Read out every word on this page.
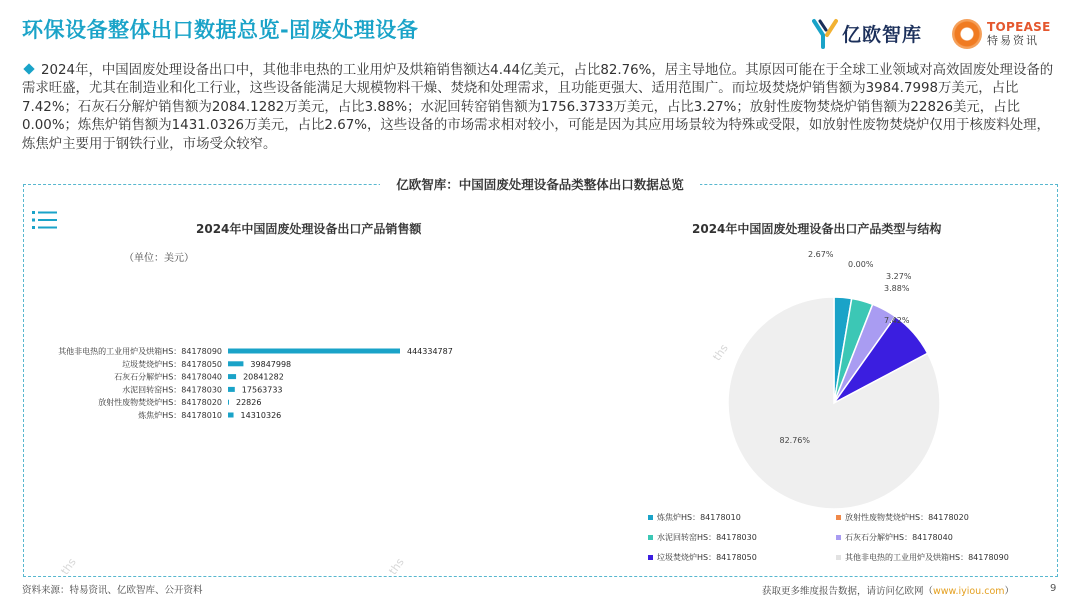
环保设备整体出口数据总览-固废处理设备	亿欧智库	TOPEASE
特易资讯
2024年，中国固废处理设备出口中，其他非电热的工业用炉及烘箱销售额达4.44亿美元，占比82.76%，居主导地位。其原因可能在于全球工业领域对高效固废处理设备的需求旺盛，尤其在制造业和化工行业，这些设备能满足大规模物料干燥、焚烧和处理需求，且功能更强大、适用范围广。而垃圾焚烧炉销售额为3984.7998万美元，占比7.42%；石灰石分解炉销售额为2084.1282万美元，占比3.88%；水泥回转窑销售额为1756.3733万美元，占比3.27%；放射性废物焚烧炉销售额为22826美元，占比0.00%；炼焦炉销售额为1431.0326万美元，占比2.67%，这些设备的市场需求相对较小，可能是因为其应用场景较为特殊或受限，如放射性废物焚烧炉仅用于核废料处理，炼焦炉主要用于钢铁行业，市场受众较窄。
亿欧智库：中国固废处理设备品类整体出口数据总览
2024年中国固废处理设备出口产品销售额
（单位：美元）
2024年中国固废处理设备出口产品类型与结构
其他非电热的工业用炉及烘箱HS：84178090	444334787
垃圾焚烧炉HS：84178050	39847998
石灰石分解炉HS：84178040	20841282
水泥回转窑HS：84178030 17563733
放射性废物焚烧炉HS：84178020 22826
炼焦炉HS：84178010 14310326
2.67%
0.00%
3.27%
3.88%
7.42%
82.76%
炼焦炉HS：84178010	放射性废物焚烧炉HS：84178020
水泥回转窑HS：84178030	石灰石分解炉HS：84178040
垃圾焚烧炉HS：84178050	其他非电热的工业用炉及烘箱HS：84178090
ths
ths	ths
资料来源：特易资讯、亿欧智库、公开资料	获取更多维度报告数据，请访问亿欧网（www.iyiou.com）	9
